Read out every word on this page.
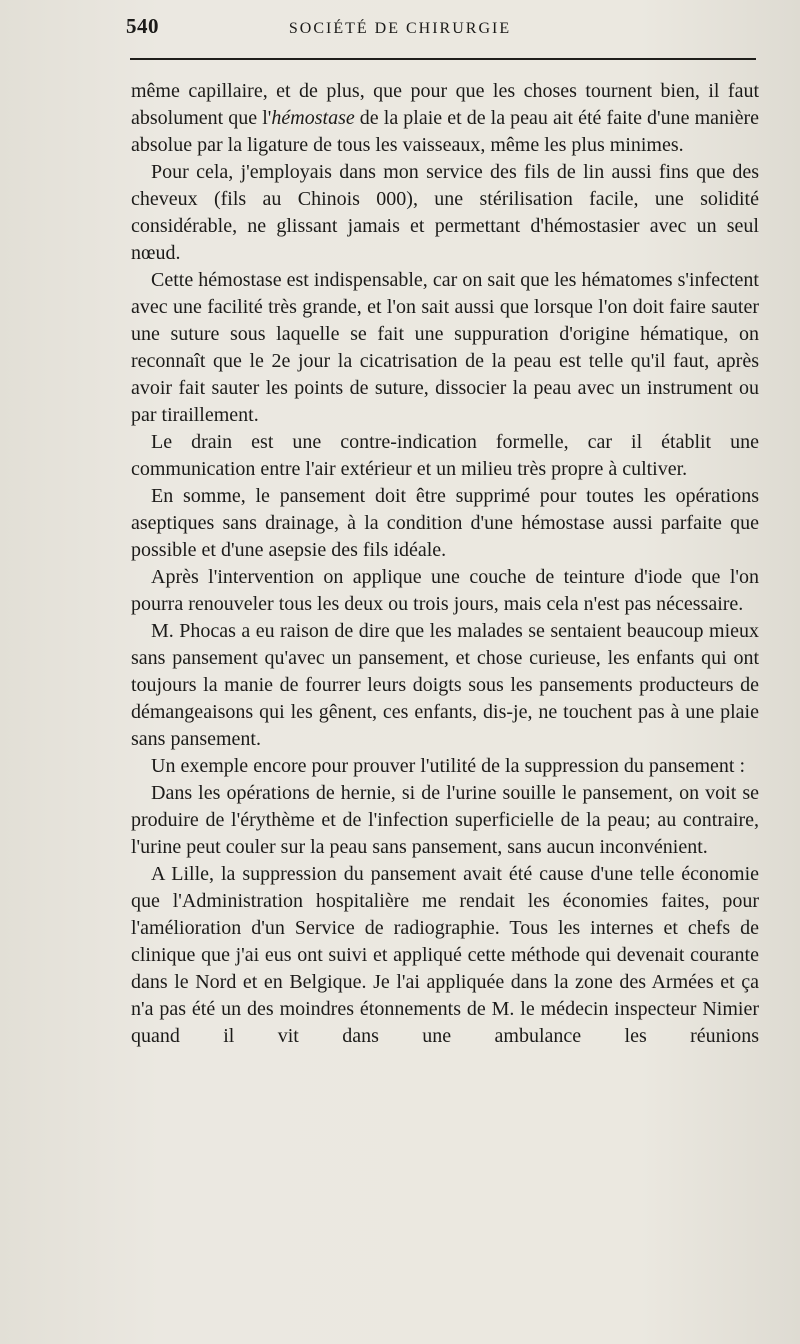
540	SOCIÉTÉ DE CHIRURGIE

même capillaire, et de plus, que pour que les choses tournent bien, il faut absolument que l'hémostase de la plaie et de la peau ait été faite d'une manière absolue par la ligature de tous les vaisseaux, même les plus minimes.

Pour cela, j'employais dans mon service des fils de lin aussi fins que des cheveux (fils au Chinois 000), une stérilisation facile, une solidité considérable, ne glissant jamais et permettant d'hémostasier avec un seul nœud.

Cette hémostase est indispensable, car on sait que les hématomes s'infectent avec une facilité très grande, et l'on sait aussi que lorsque l'on doit faire sauter une suture sous laquelle se fait une suppuration d'origine hématique, on reconnaît que le 2e jour la cicatrisation de la peau est telle qu'il faut, après avoir fait sauter les points de suture, dissocier la peau avec un instrument ou par tiraillement.

Le drain est une contre-indication formelle, car il établit une communication entre l'air extérieur et un milieu très propre à cultiver.

En somme, le pansement doit être supprimé pour toutes les opérations aseptiques sans drainage, à la condition d'une hémostase aussi parfaite que possible et d'une asepsie des fils idéale.

Après l'intervention on applique une couche de teinture d'iode que l'on pourra renouveler tous les deux ou trois jours, mais cela n'est pas nécessaire.

M. Phocas a eu raison de dire que les malades se sentaient beaucoup mieux sans pansement qu'avec un pansement, et chose curieuse, les enfants qui ont toujours la manie de fourrer leurs doigts sous les pansements producteurs de démangeaisons qui les gênent, ces enfants, dis-je, ne touchent pas à une plaie sans pansement.

Un exemple encore pour prouver l'utilité de la suppression du pansement :

Dans les opérations de hernie, si de l'urine souille le pansement, on voit se produire de l'érythème et de l'infection superficielle de la peau; au contraire, l'urine peut couler sur la peau sans pansement, sans aucun inconvénient.

A Lille, la suppression du pansement avait été cause d'une telle économie que l'Administration hospitalière me rendait les économies faites, pour l'amélioration d'un Service de radiographie. Tous les internes et chefs de clinique que j'ai eus ont suivi et appliqué cette méthode qui devenait courante dans le Nord et en Belgique. Je l'ai appliquée dans la zone des Armées et ça n'a pas été un des moindres étonnements de M. le médecin inspecteur Nimier quand il vit dans une ambulance les réunions
